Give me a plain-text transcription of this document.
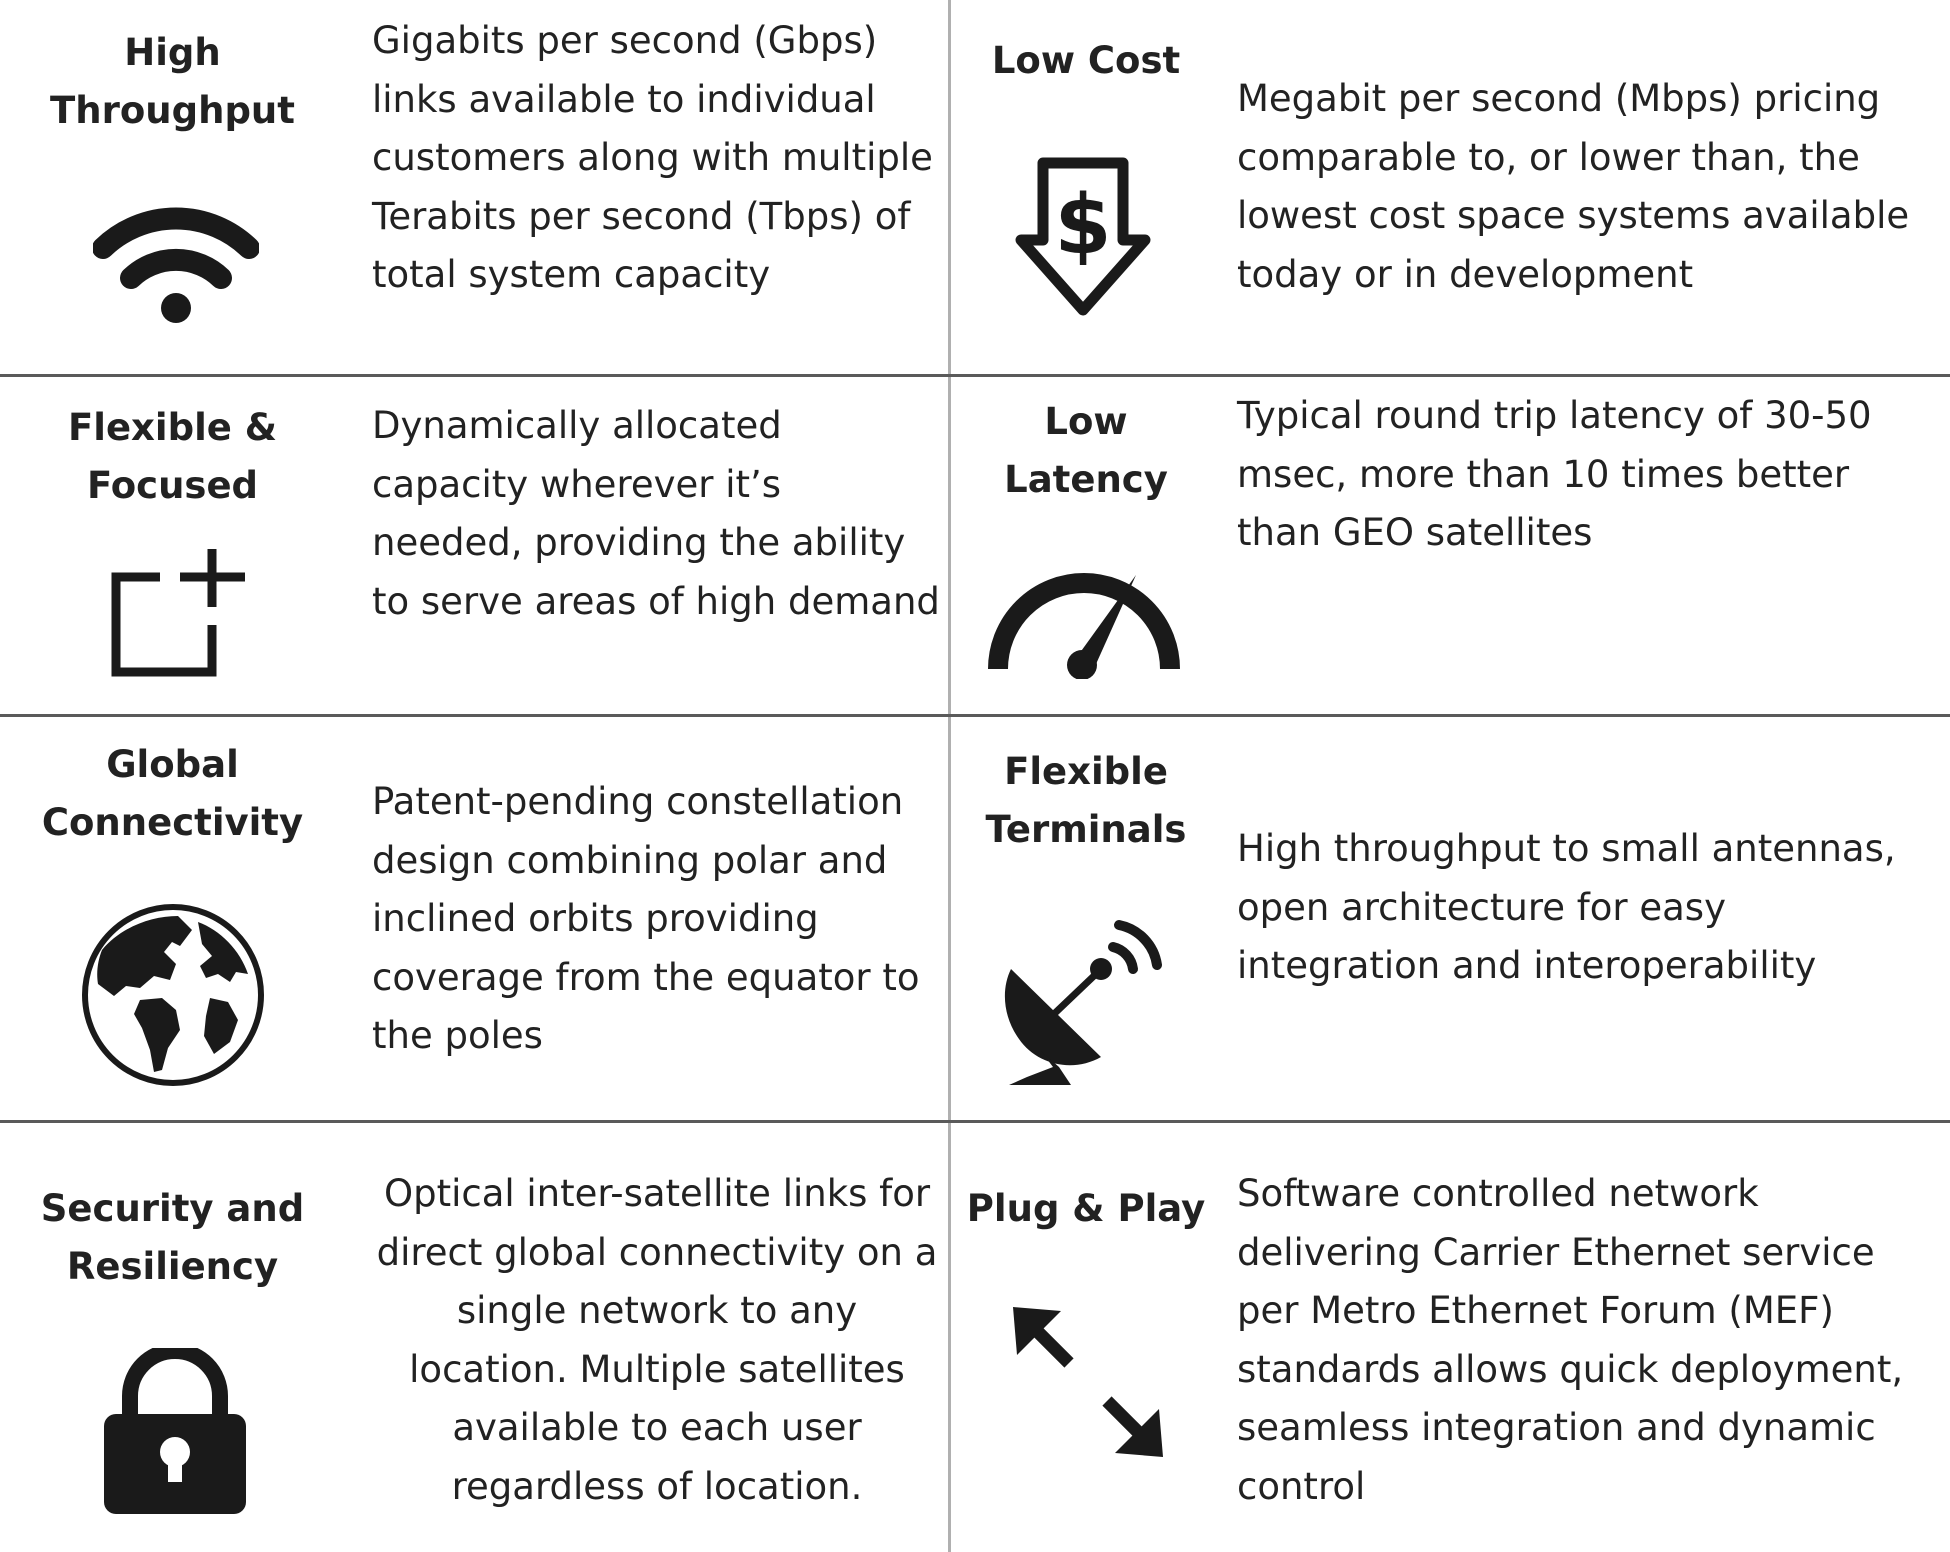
High
Throughput
Gigabits per second (Gbps) links available to individual customers along with multiple Terabits per second (Tbps) of total system capacity
Low Cost
$
Megabit per second (Mbps) pricing comparable to, or lower than, the lowest cost space systems available today or in development
Flexible &
Focused
Dynamically allocated capacity wherever it’s needed, providing the ability to serve areas of high demand
Low
Latency
Typical round trip latency of 30-50 msec, more than 10 times better than GEO satellites
Global
Connectivity	Patent-pending constellation design combining polar and inclined orbits providing coverage from the equator to the poles
Flexible
Terminals	High throughput to small antennas, open architecture for easy integration and interoperability
Security and
Resiliency
Optical inter-satellite links for direct global connectivity on a single network to any location. Multiple satellites available to each user regardless of location.
Plug & Play Software controlled network delivering Carrier Ethernet service per Metro Ethernet Forum (MEF) standards allows quick deployment, seamless integration and dynamic control
